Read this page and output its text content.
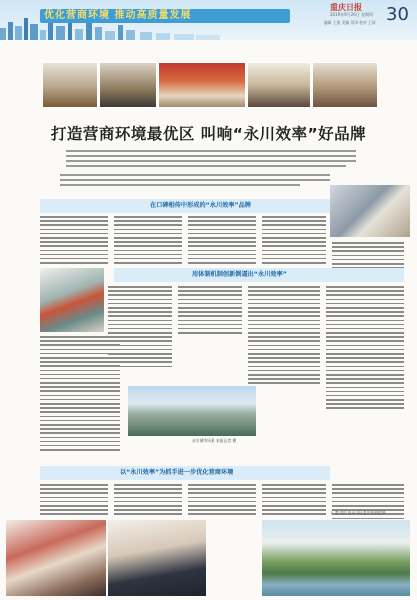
优化营商环境 推动高质量发展
重庆日报
2019年9月26日 星期四
编辑 王凯 美编 刘涛 校对 王琼 30
打造营商环境最优区 叫响“永川效率”好品牌
在口碑相传中形成的“永川效率”品牌
用体制机制创新倒逼出“永川效率”
永川城市风景 本报记者 摄
以“永川效率”为抓手进一步优化营商环境
王 寰 图片由永川区委宣传部提供
